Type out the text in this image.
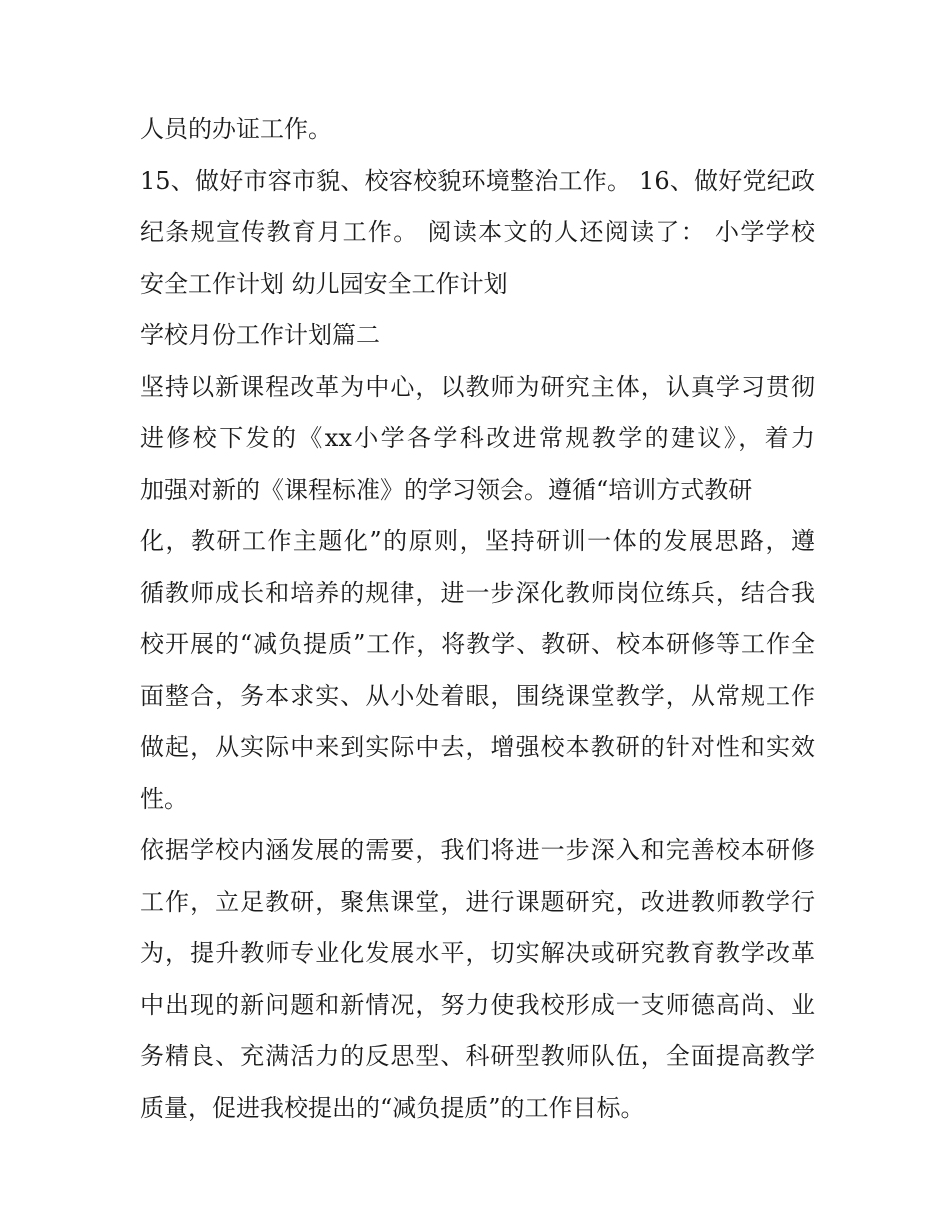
人员的办证工作。
15、做好市容市貌、校容校貌环境整治工作。 16、做好党纪政
纪条规宣传教育月工作。 阅读本文的人还阅读了： 小学学校
安全工作计划 幼儿园安全工作计划
学校月份工作计划篇二
坚持以新课程改革为中心，以教师为研究主体，认真学习贯彻
进修校下发的《xx小学各学科改进常规教学的建议》，着力
加强对新的《课程标准》的学习领会。遵循“培训方式教研
化，教研工作主题化”的原则，坚持研训一体的发展思路，遵
循教师成长和培养的规律，进一步深化教师岗位练兵，结合我
校开展的“减负提质”工作，将教学、教研、校本研修等工作全
面整合，务本求实、从小处着眼，围绕课堂教学，从常规工作
做起，从实际中来到实际中去，增强校本教研的针对性和实效
性。
依据学校内涵发展的需要，我们将进一步深入和完善校本研修
工作，立足教研，聚焦课堂，进行课题研究，改进教师教学行
为，提升教师专业化发展水平，切实解决或研究教育教学改革
中出现的新问题和新情况，努力使我校形成一支师德高尚、业
务精良、充满活力的反思型、科研型教师队伍，全面提高教学
质量，促进我校提出的“减负提质”的工作目标。
